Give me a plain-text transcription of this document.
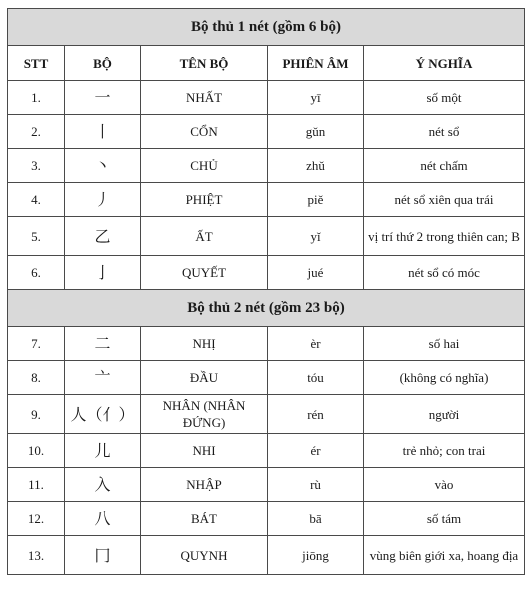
Bộ thủ 1 nét (gồm 6 bộ)				
STT	BỘ	TÊN BỘ	PHIÊN ÂM	Ý NGHĨA
1.	一	NHẤT	yī	số một
2.	丨	CỔN	gǔn	nét sổ
3.	丶	CHỦ	zhǔ	nét chấm
4.	丿	PHIỆT	piě	nét sổ xiên qua trái
5.	乙	ẤT	yǐ	vị trí thứ 2 trong thiên can; B
6.	亅	QUYẾT	jué	nét sổ có móc
Bộ thủ 2 nét (gồm 23 bộ)				
7.	二	NHỊ	èr	số hai
8.	亠	ĐẦU	tóu	(không có nghĩa)
9.	人（亻）	NHÂN (NHÂN ĐỨNG)	rén	người
10.	儿	NHI	ér	trẻ nhỏ; con trai
11.	入	NHẬP	rù	vào
12.	八	BÁT	bā	số tám
13.	冂	QUYNH	jiōng	vùng biên giới xa, hoang địa
